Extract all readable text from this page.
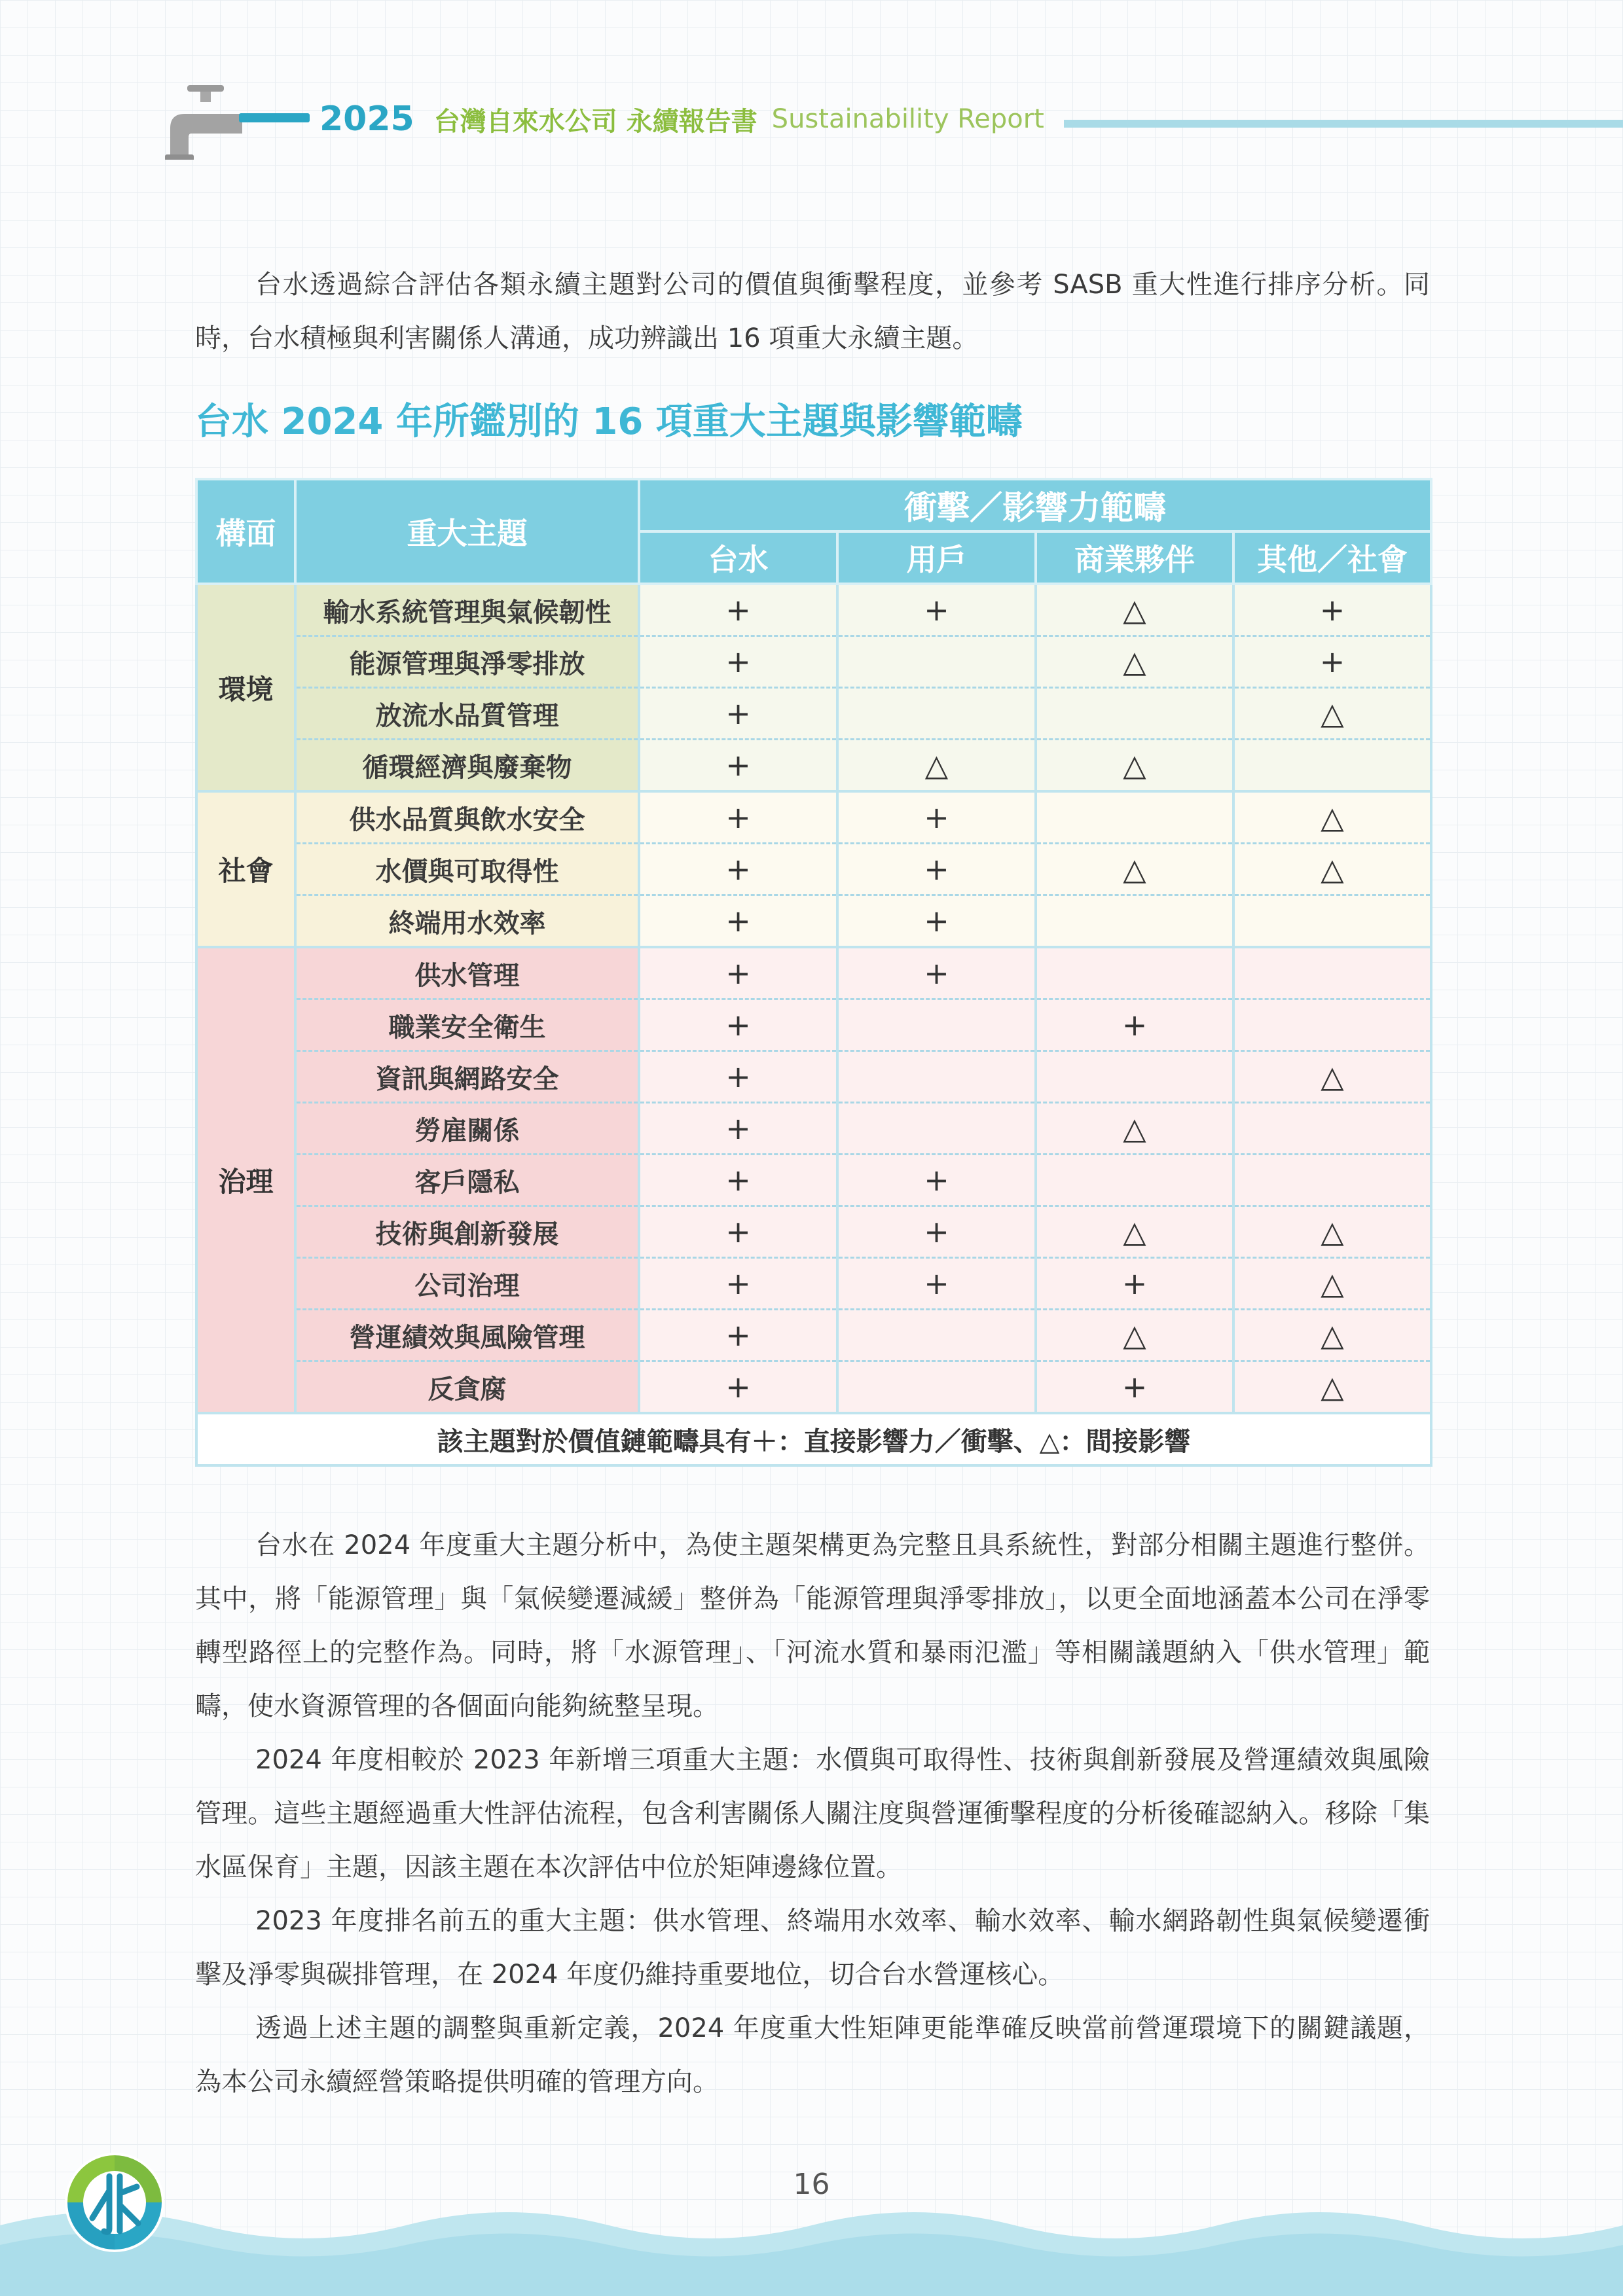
2025 台灣自來水公司 永續報告書 Sustainability Report

台水透過綜合評估各類永續主題對公司的價值與衝擊程度，並參考 SASB 重大性進行排序分析。同時，台水積極與利害關係人溝通，成功辨識出 16 項重大永續主題。

台水 2024 年所鑑別的 16 項重大主題與影響範疇
構面	重大主題	衝擊／影響力範疇			
		台水	用戶	商業夥伴	其他／社會
環境	輸水系統管理與氣候韌性	+	+	△	+
	能源管理與淨零排放	+		△	+
	放流水品質管理	+			△
	循環經濟與廢棄物	+	△	△	
社會	供水品質與飲水安全	+	+		△
	水價與可取得性	+	+	△	△
	終端用水效率	+	+		
治理	供水管理	+	+		
	職業安全衛生	+		+	
	資訊與網路安全	+			△
	勞雇關係	+		△	
	客戶隱私	+	+		
	技術與創新發展	+	+	△	△
	公司治理	+	+	+	△
	營運績效與風險管理	+		△	△
	反貪腐	+		+	△
該主題對於價值鏈範疇具有＋：直接影響力／衝擊、△：間接影響					

台水在 2024 年度重大主題分析中，為使主題架構更為完整且具系統性，對部分相關主題進行整併。其中，將「能源管理」與「氣候變遷減緩」整併為「能源管理與淨零排放」，以更全面地涵蓋本公司在淨零轉型路徑上的完整作為。同時，將「水源管理」、「河流水質和暴雨氾濫」等相關議題納入「供水管理」範疇，使水資源管理的各個面向能夠統整呈現。

2024 年度相較於 2023 年新增三項重大主題：水價與可取得性、技術與創新發展及營運績效與風險管理。這些主題經過重大性評估流程，包含利害關係人關注度與營運衝擊程度的分析後確認納入。移除「集水區保育」主題，因該主題在本次評估中位於矩陣邊緣位置。

2023 年度排名前五的重大主題：供水管理、終端用水效率、輸水效率、輸水網路韌性與氣候變遷衝擊及淨零與碳排管理，在 2024 年度仍維持重要地位，切合台水營運核心。

透過上述主題的調整與重新定義，2024 年度重大性矩陣更能準確反映當前營運環境下的關鍵議題，為本公司永續經營策略提供明確的管理方向。

16
